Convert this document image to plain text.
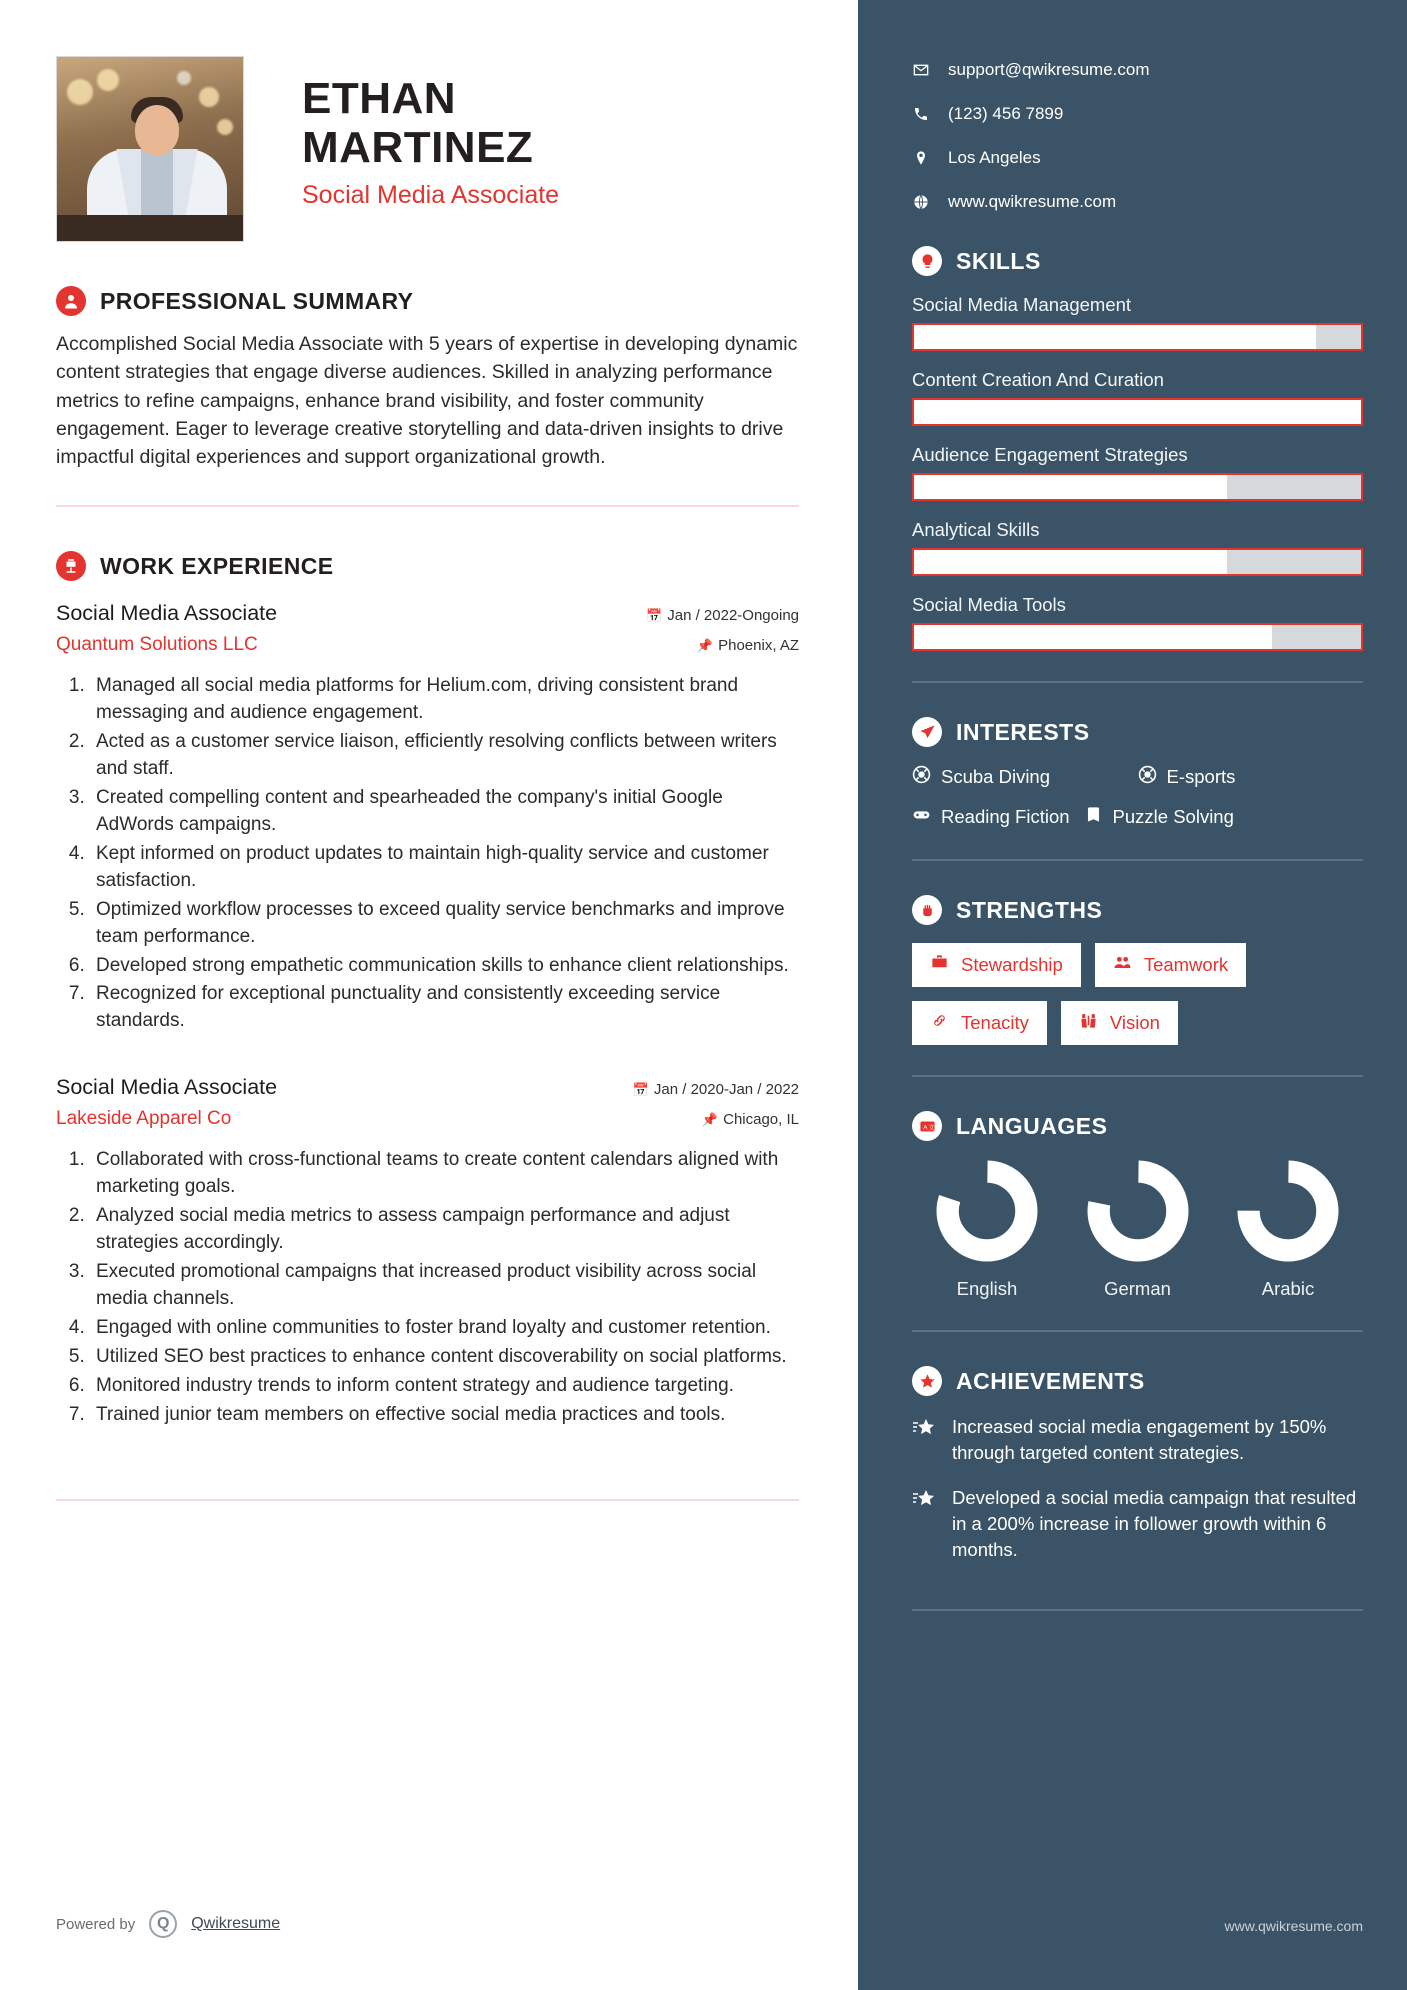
ETHAN
MARTINEZ
Social Media Associate
PROFESSIONAL SUMMARY

Accomplished Social Media Associate with 5 years of expertise in developing dynamic content strategies that engage diverse audiences. Skilled in analyzing performance metrics to refine campaigns, enhance brand visibility, and foster community engagement. Eager to leverage creative storytelling and data-driven insights to drive impactful digital experiences and support organizational growth.

WORK EXPERIENCE
Social Media Associate	📅 Jan / 2022-Ongoing
Quantum Solutions LLC	📌 Phoenix, AZ
1. Managed all social media platforms for Helium.com, driving consistent brand messaging and audience engagement.
2. Acted as a customer service liaison, efficiently resolving conflicts between writers and staff.
3. Created compelling content and spearheaded the company's initial Google AdWords campaigns.
4. Kept informed on product updates to maintain high-quality service and customer satisfaction.
5. Optimized workflow processes to exceed quality service benchmarks and improve team performance.
6. Developed strong empathetic communication skills to enhance client relationships.
7. Recognized for exceptional punctuality and consistently exceeding service standards.
Social Media Associate	📅 Jan / 2020-Jan / 2022
Lakeside Apparel Co	📌 Chicago, IL
1. Collaborated with cross-functional teams to create content calendars aligned with marketing goals.
2. Analyzed social media metrics to assess campaign performance and adjust strategies accordingly.
3. Executed promotional campaigns that increased product visibility across social media channels.
4. Engaged with online communities to foster brand loyalty and customer retention.
5. Utilized SEO best practices to enhance content discoverability on social platforms.
6. Monitored industry trends to inform content strategy and audience targeting.
7. Trained junior team members on effective social media practices and tools.
Powered by	Q	Qwikresume
support@qwikresume.com
(123) 456 7899
Los Angeles
www.qwikresume.com
SKILLS
Social Media Management
Content Creation And Curation
Audience Engagement Strategies
Analytical Skills
Social Media Tools
INTERESTS
Scuba Diving	E-sports
Reading Fiction Puzzle Solving
STRENGTHS
Stewardship	Teamwork
Tenacity	Vision
A 文 LANGUAGES
English	German	Arabic
ACHIEVEMENTS

Increased social media engagement by 150% through targeted content strategies.

Developed a social media campaign that resulted in a 200% increase in follower growth within 6 months.

www.qwikresume.com
